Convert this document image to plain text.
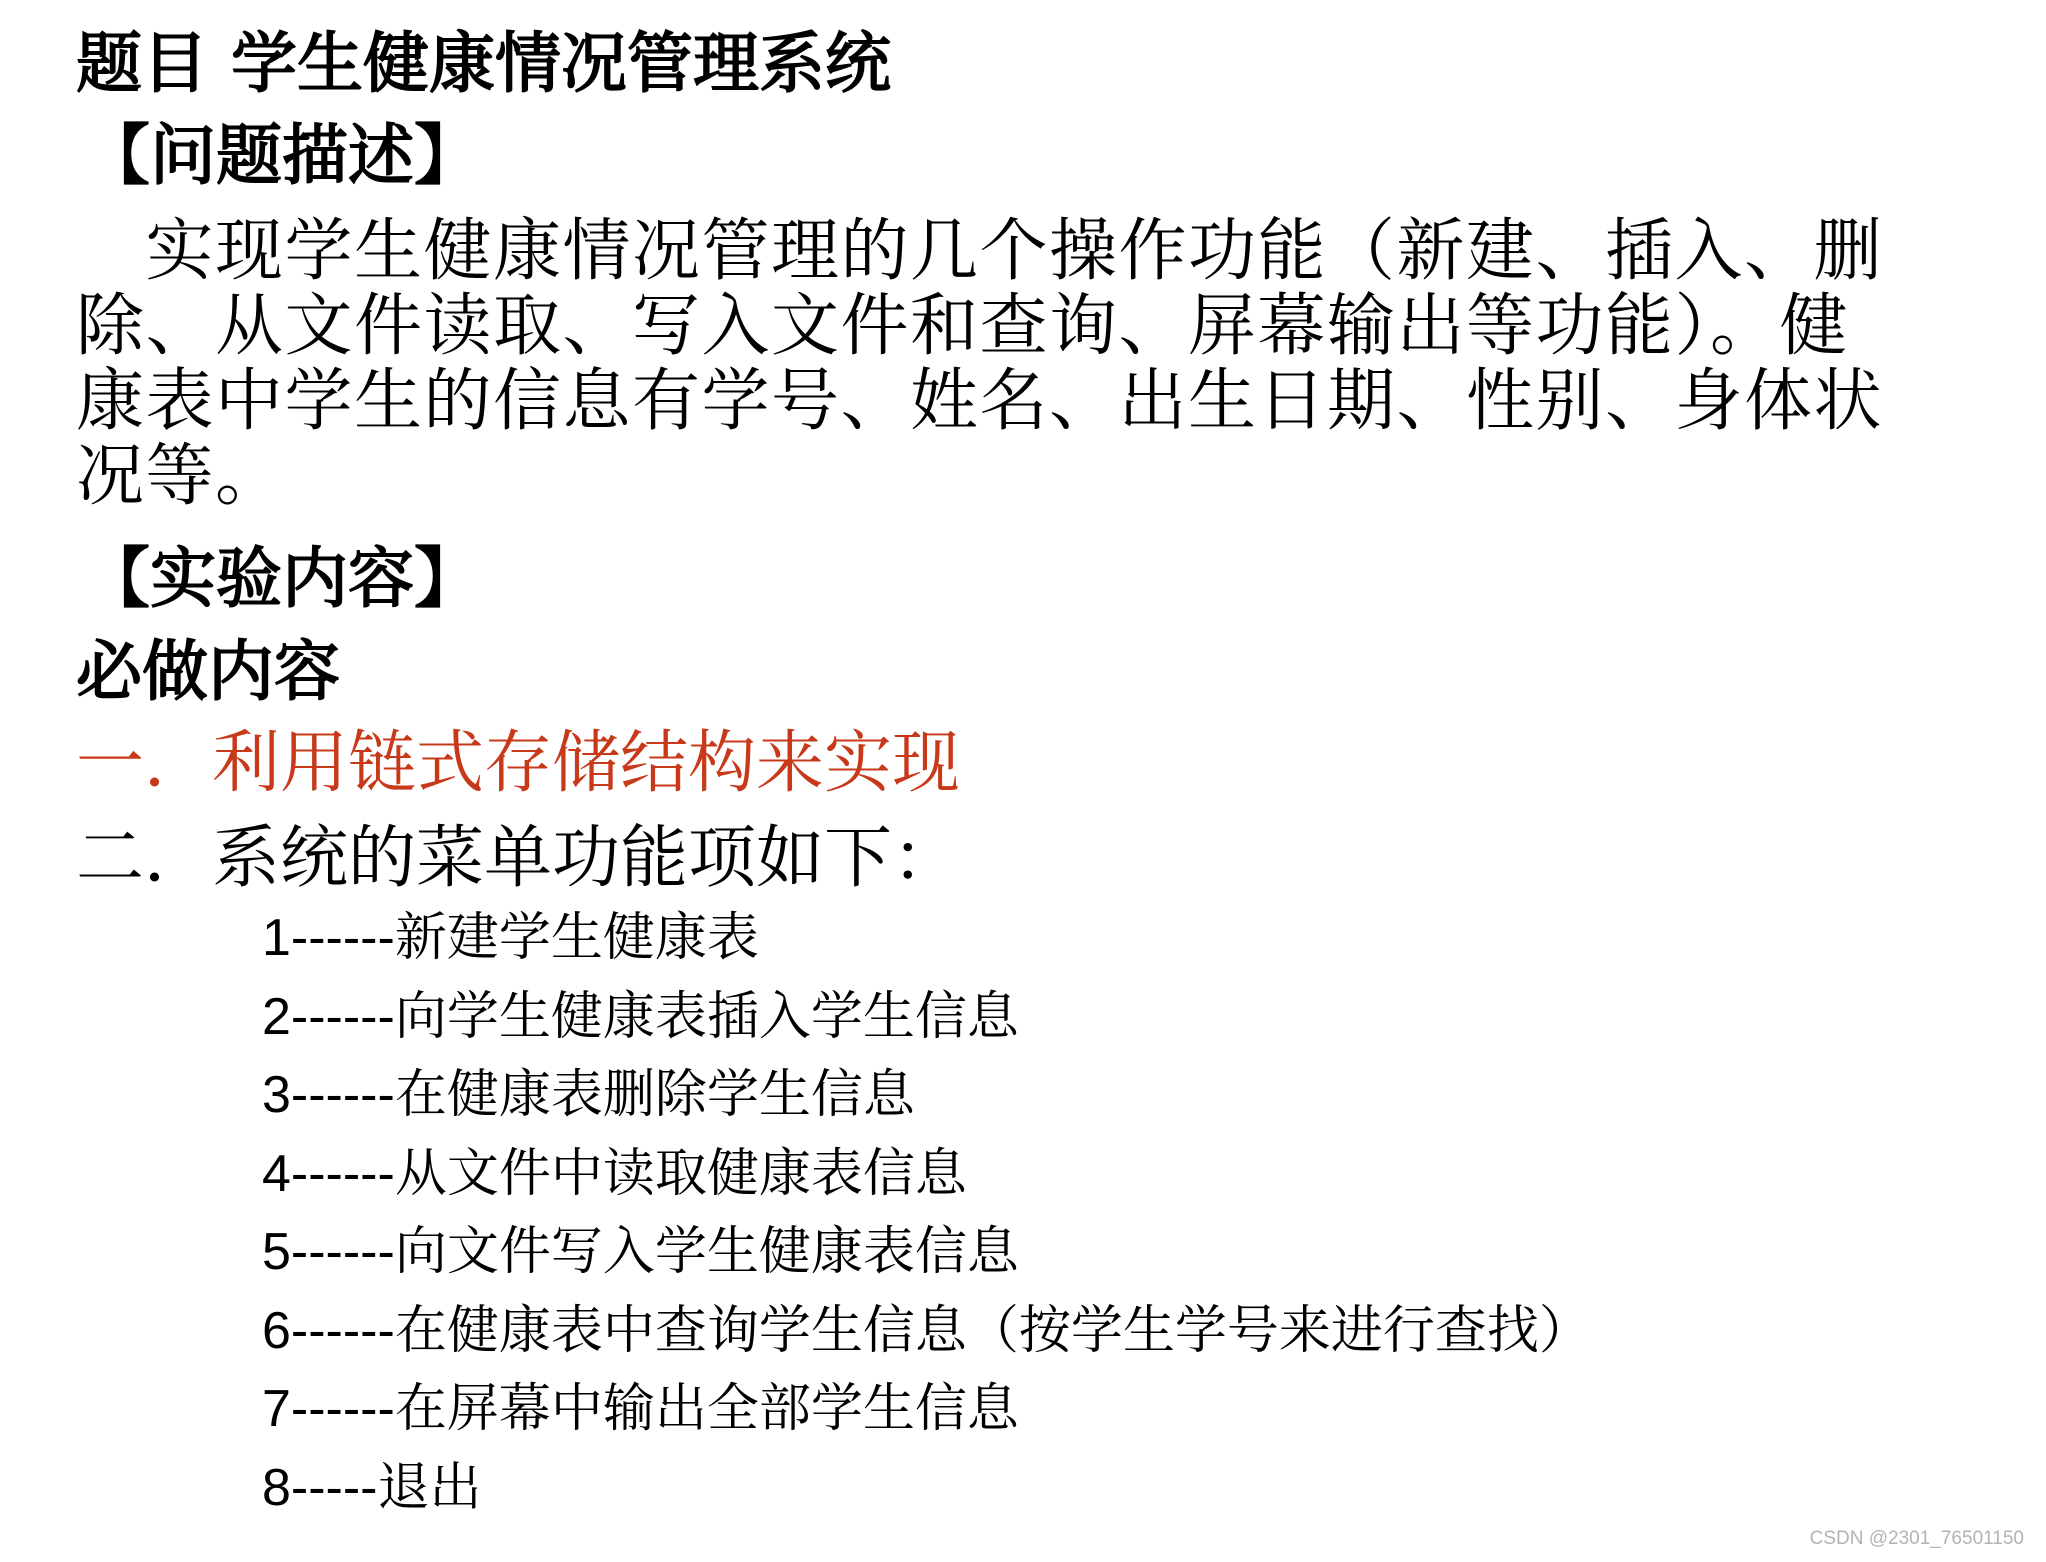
题目 学生健康情况管理系统
【问题描述】
　实现学生健康情况管理的几个操作功能（新建、插入、删
除、从文件读取、写入文件和查询、屏幕输出等功能）。健
康表中学生的信息有学号、姓名、出生日期、性别、身体状
况等。
【实验内容】
必做内容
一．利用链式存储结构来实现
二．系统的菜单功能项如下：
1------新建学生健康表
2------向学生健康表插入学生信息
3------在健康表删除学生信息
4------从文件中读取健康表信息
5------向文件写入学生健康表信息
6------在健康表中查询学生信息（按学生学号来进行查找）
7------在屏幕中输出全部学生信息
8-----退出
CSDN @2301_76501150
